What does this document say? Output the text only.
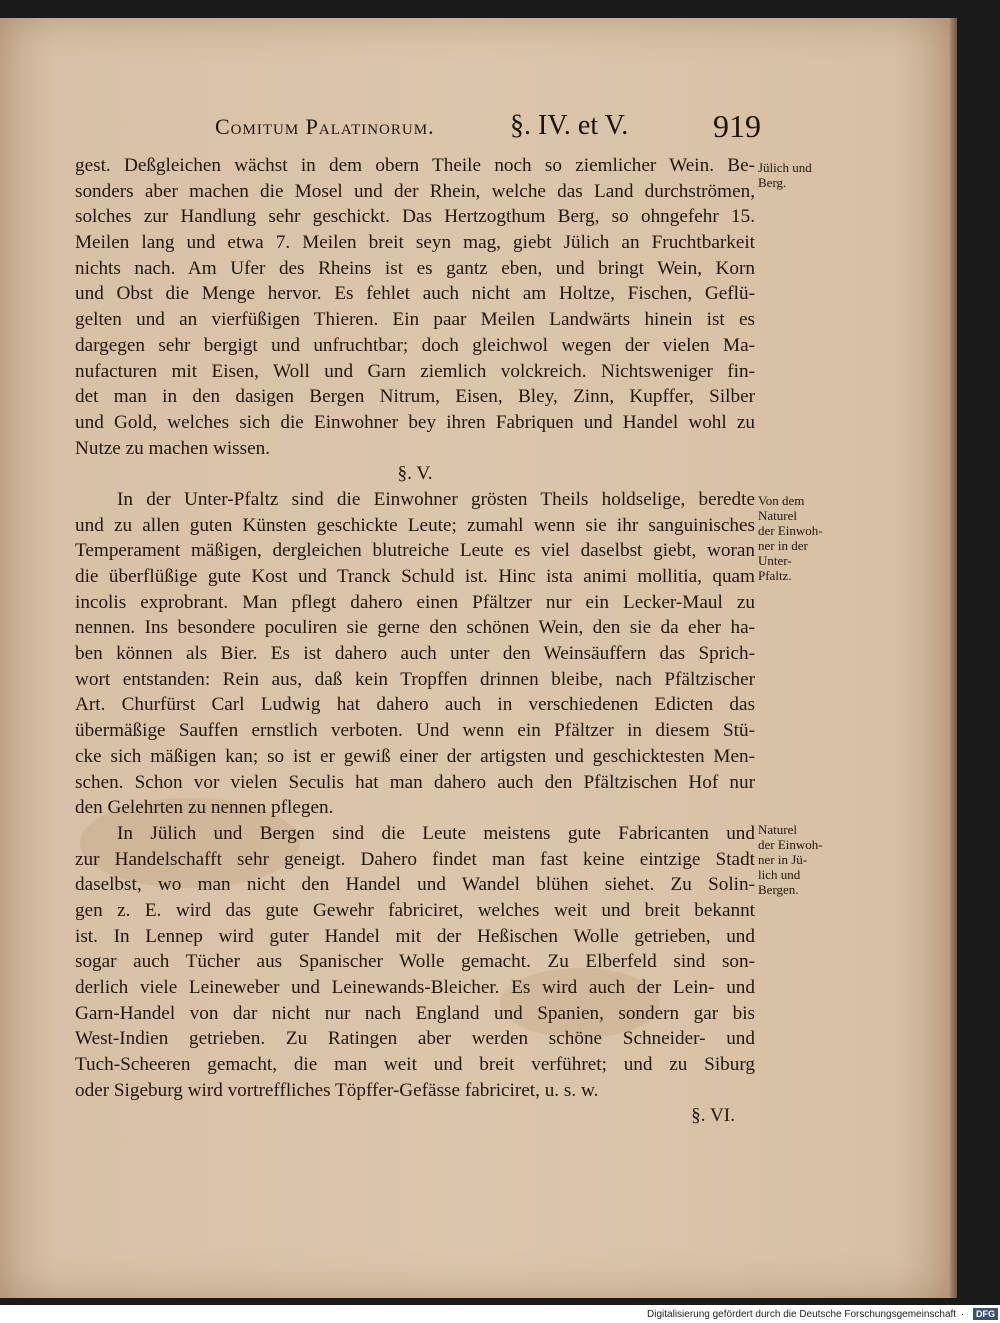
Comitum Palatinorum.	§. IV. et V.	919
gest. Deßgleichen wächst in dem obern Theile noch so ziemlicher Wein. Be-
sonders aber machen die Mosel und der Rhein, welche das Land durchströmen,
solches zur Handlung sehr geschickt. Das Hertzogthum Berg, so ohngefehr 15.
Meilen lang und etwa 7. Meilen breit seyn mag, giebt Jülich an Fruchtbarkeit
nichts nach. Am Ufer des Rheins ist es gantz eben, und bringt Wein, Korn
und Obst die Menge hervor. Es fehlet auch nicht am Holtze, Fischen, Geflü-
gelten und an vierfüßigen Thieren. Ein paar Meilen Landwärts hinein ist es
dargegen sehr bergigt und unfruchtbar; doch gleichwol wegen der vielen Ma-
nufacturen mit Eisen, Woll und Garn ziemlich volckreich. Nichtsweniger fin-
det man in den dasigen Bergen Nitrum, Eisen, Bley, Zinn, Kupffer, Silber
und Gold, welches sich die Einwohner bey ihren Fabriquen und Handel wohl zu
Nutze zu machen wissen.
§. V.
In der Unter-Pfaltz sind die Einwohner grösten Theils holdselige, beredte
und zu allen guten Künsten geschickte Leute; zumahl wenn sie ihr sanguinisches
Temperament mäßigen, dergleichen blutreiche Leute es viel daselbst giebt, woran
die überflüßige gute Kost und Tranck Schuld ist. Hinc ista animi mollitia, quam
incolis exprobrant. Man pflegt dahero einen Pfältzer nur ein Lecker-Maul zu
nennen. Ins besondere poculiren sie gerne den schönen Wein, den sie da eher ha-
ben können als Bier. Es ist dahero auch unter den Weinsäuffern das Sprich-
wort entstanden: Rein aus, daß kein Tropffen drinnen bleibe, nach Pfältzischer
Art. Churfürst Carl Ludwig hat dahero auch in verschiedenen Edicten das
übermäßige Sauffen ernstlich verboten. Und wenn ein Pfältzer in diesem Stü-
cke sich mäßigen kan; so ist er gewiß einer der artigsten und geschicktesten Men-
schen. Schon vor vielen Seculis hat man dahero auch den Pfältzischen Hof nur
den Gelehrten zu nennen pflegen.
In Jülich und Bergen sind die Leute meistens gute Fabricanten und
zur Handelschafft sehr geneigt. Dahero findet man fast keine eintzige Stadt
daselbst, wo man nicht den Handel und Wandel blühen siehet. Zu Solin-
gen z. E. wird das gute Gewehr fabriciret, welches weit und breit bekannt
ist. In Lennep wird guter Handel mit der Heßischen Wolle getrieben, und
sogar auch Tücher aus Spanischer Wolle gemacht. Zu Elberfeld sind son-
derlich viele Leineweber und Leinewands-Bleicher. Es wird auch der Lein- und
Garn-Handel von dar nicht nur nach England und Spanien, sondern gar bis
West-Indien getrieben. Zu Ratingen aber werden schöne Schneider- und
Tuch-Scheeren gemacht, die man weit und breit verführet; und zu Siburg
oder Sigeburg wird vortreffliches Töpffer-Gefässe fabriciret, u. s. w.
§. VI.
Jülich und
Berg.
Von dem
Naturel
der Einwoh-
ner in der
Unter-
Pfaltz.
Naturel
der Einwoh-
ner in Jü-
lich und
Bergen.
Digitalisierung gefördert durch die Deutsche Forschungsgemeinschaft · DFG
